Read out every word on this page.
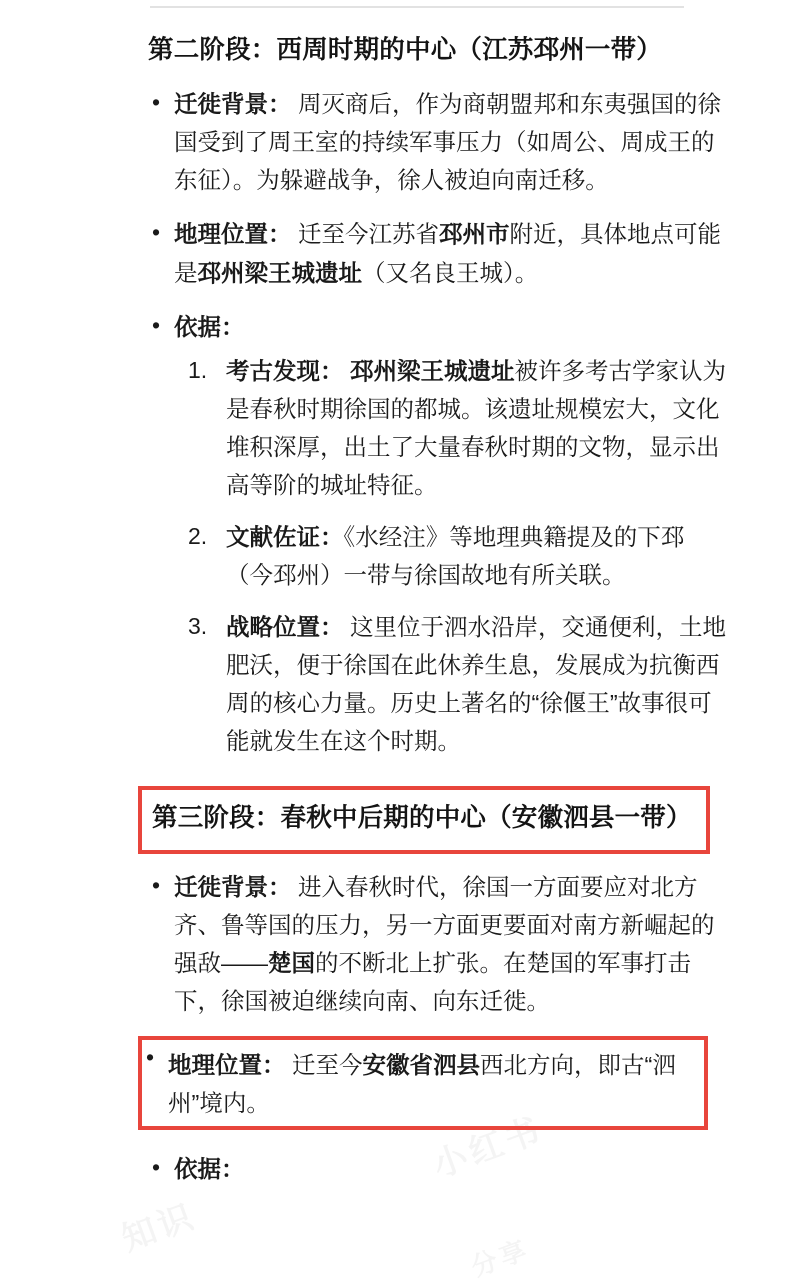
第二阶段：西周时期的中心（江苏邳州一带）
• 迁徙背景： 周灭商后，作为商朝盟邦和东夷强国的徐国受到了周王室的持续军事压力（如周公、周成王的东征）。为躲避战争，徐人被迫向南迁移。
• 地理位置： 迁至今江苏省邳州市附近，具体地点可能是邳州梁王城遗址（又名良王城）。
• 依据：
考古发现： 邳州梁王城遗址被许多考古学家认为是春秋时期徐国的都城。该遗址规模宏大，文化堆积深厚，出土了大量春秋时期的文物，显示出高等阶的城址特征。
文献佐证：《水经注》等地理典籍提及的下邳（今邳州）一带与徐国故地有所关联。
战略位置： 这里位于泗水沿岸，交通便利，土地肥沃，便于徐国在此休养生息，发展成为抗衡西周的核心力量。历史上著名的“徐偃王”故事很可能就发生在这个时期。
第三阶段：春秋中后期的中心（安徽泗县一带）
• 迁徙背景： 进入春秋时代，徐国一方面要应对北方齐、鲁等国的压力，另一方面更要面对南方新崛起的强敌——楚国的不断北上扩张。在楚国的军事打击下，徐国被迫继续向南、向东迁徙。
• 地理位置： 迁至今安徽省泗县西北方向，即古“泗州”境内。
• 依据：
